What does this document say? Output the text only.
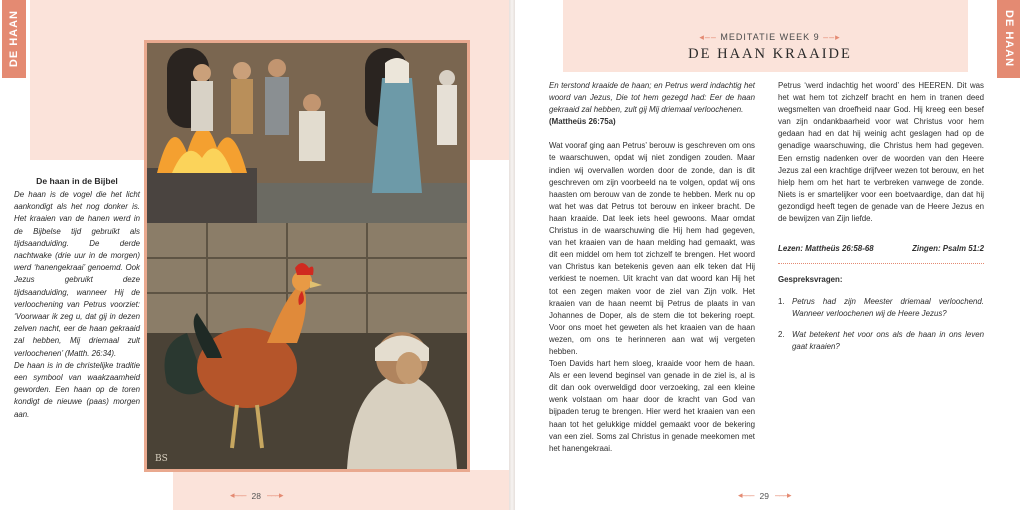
DE HAAN
De haan in de Bijbel

De haan is de vogel die het licht aankondigt als het nog donker is. Het kraaien van de hanen werd in de Bijbelse tijd gebruikt als tijdsaanduiding. De derde nachtwake (drie uur in de morgen) werd ‘hanengekraai’ genoemd. Ook Jezus gebruikt deze tijdsaanduiding, wanneer Hij de verloochening van Petrus voorziet: ‘Voorwaar ik zeg u, dat gij in dezen zelven nacht, eer de haan gekraaid zal hebben, Mij driemaal zult verloochenen’ (Matth. 26:34).

De haan is in de christelijke traditie een symbool van waakzaamheid geworden. Een haan op de toren kondigt de nieuwe (paas) morgen aan.

BS
◂––– 28 –––▸
DE HAAN
◂–– MEDITATIE WEEK 9 ––▸
DE HAAN KRAAIDE

En terstond kraaide de haan; en Petrus werd indachtig het woord van Jezus, Die tot hem gezegd had: Eer de haan gekraaid zal hebben, zult gij Mij driemaal verloochenen.

(Mattheüs 26:75a)

Wat vooraf ging aan Petrus’ berouw is geschreven om ons te waarschuwen, opdat wij niet zondigen zouden. Maar indien wij overvallen worden door de zonde, dan is dit geschreven om zijn voorbeeld na te volgen, opdat wij ons haasten om berouw van de zonde te hebben. Merk nu op wat het was dat Petrus tot berouw en inkeer bracht. De haan kraaide. Dat leek iets heel gewoons. Maar omdat Christus in de waarschuwing die Hij hem had gegeven, van het kraaien van de haan melding had gemaakt, was dit een middel om hem tot zichzelf te brengen. Het woord van Christus kan betekenis geven aan elk teken dat Hij verkiest te noemen. Uit kracht van dat woord kan Hij het tot een zegen maken voor de ziel van Zijn volk. Het kraaien van de haan neemt bij Petrus de plaats in van Johannes de Doper, als de stem die tot bekering roept. Voor ons moet het geweten als het kraaien van de haan wezen, om ons te herinneren aan wat wij vergeten hebben.

Toen Davids hart hem sloeg, kraaide voor hem de haan. Als er een levend beginsel van genade in de ziel is, al is dit dan ook overweldigd door verzoeking, zal een kleine wenk volstaan om haar door de kracht van God van bijpaden terug te brengen. Hier werd het kraaien van een haan tot het gelukkige middel gemaakt voor de bekering van een ziel. Soms zal Christus in genade meekomen met het hanengekraai.

Petrus ‘werd indachtig het woord’ des HEEREN. Dit was het wat hem tot zichzelf bracht en hem in tranen deed wegsmelten van droefheid naar God. Hij kreeg een besef van zijn ondankbaarheid voor wat Christus voor hem gedaan had en dat hij weinig acht geslagen had op de genadige waarschuwing, die Christus hem had gegeven. Een ernstig nadenken over de woorden van den Heere Jezus zal een krachtige drijfveer wezen tot berouw, en het hielp hem om het hart te verbreken vanwege de zonde. Niets is er smartelijker voor een boetvaardige, dan dat hij gezondigd heeft tegen de genade van de Heere Jezus en de bewijzen van Zijn liefde.

Lezen: Mattheüs 26:58-68	Zingen: Psalm 51:2
Gespreksvragen:
1. Petrus had zijn Meester driemaal verloochend. Wanneer verloochenen wij de Heere Jezus?
2. Wat betekent het voor ons als de haan in ons leven gaat kraaien?
◂––– 29 –––▸
